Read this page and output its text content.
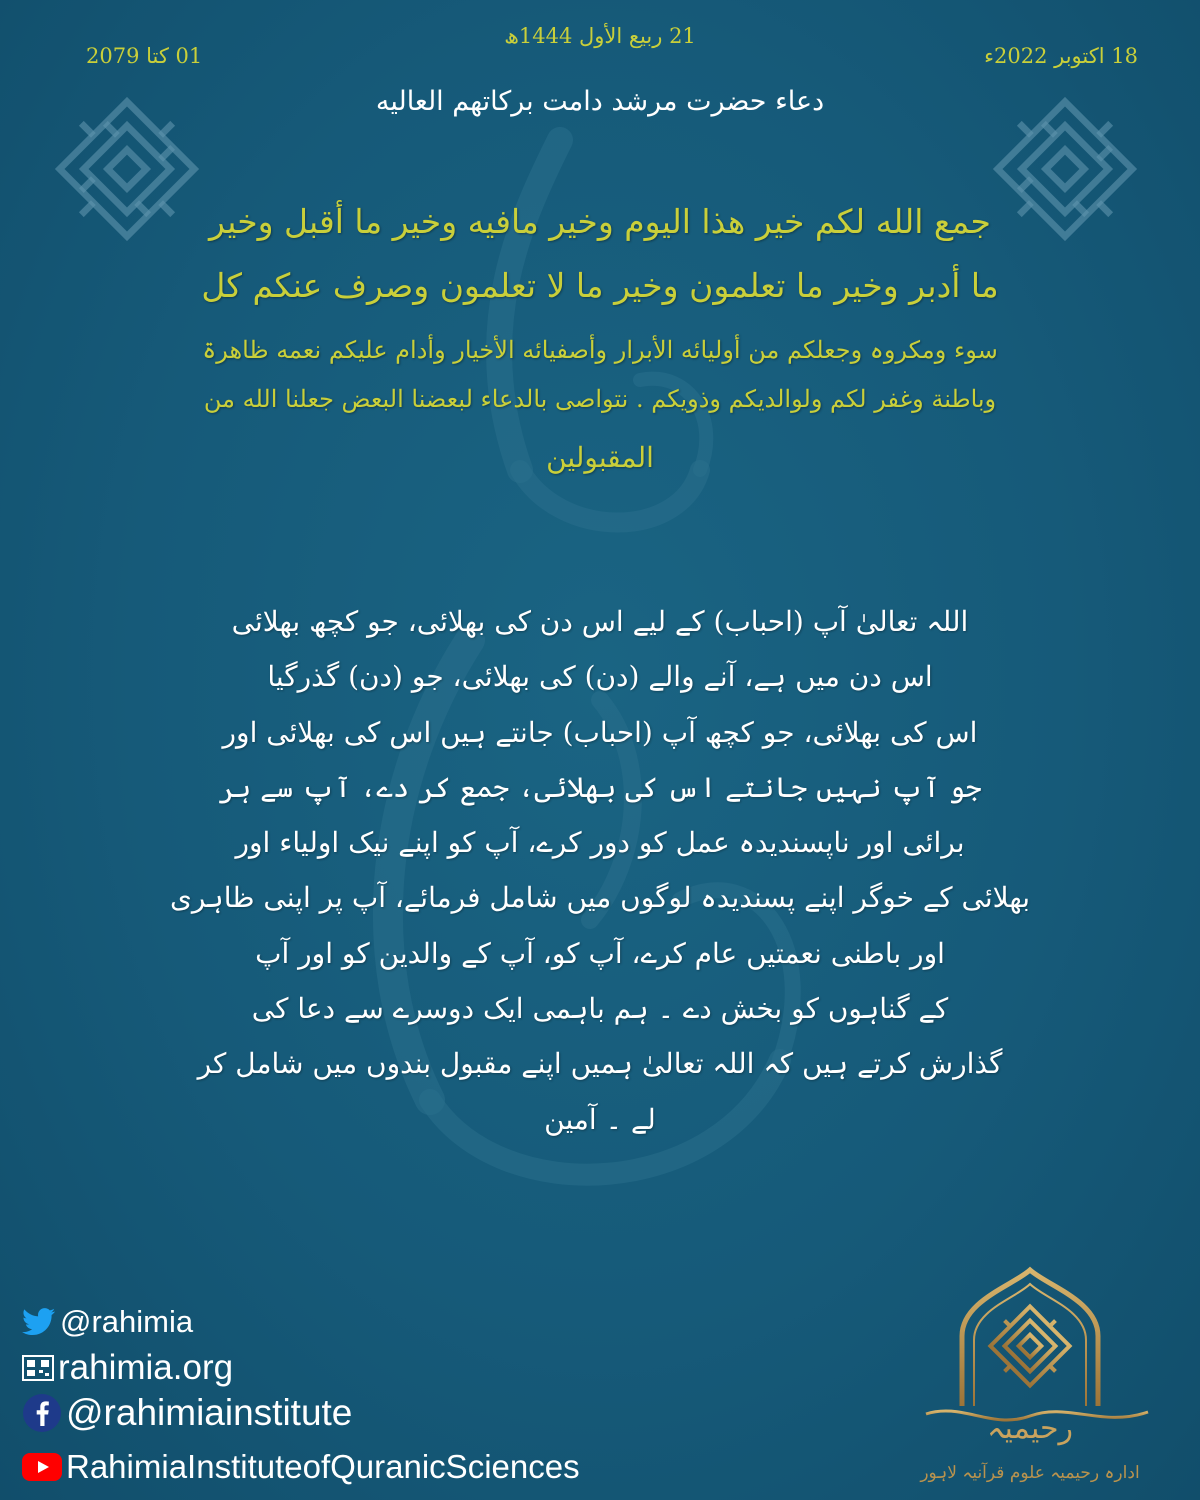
21 ربیع الأول 1444ھ
18 اکتوبر 2022ء
01 کتا 2079
دعاء حضرت مرشد دامت برکاتھم العالیه
جمع الله لکم خیر ھذا الیوم وخیر مافیه وخیر ما أقبل وخیر
ما أدبر وخیر ما تعلمون وخیر ما لا تعلمون وصرف عنکم کل
سوء ومکروہ وجعلکم من أولیائه الأبرار وأصفیائه الأخیار وأدام علیکم نعمه ظاھرۃ
وباطنة وغفر لکم ولوالدیکم وذویکم . نتواصی بالدعاء لبعضنا البعض جعلنا الله من
المقبولین
اللہ تعالیٰ آپ (احباب) کے لیے اس دن کی بھلائی، جو کچھ بھلائی
اس دن میں ہے، آنے والے (دن) کی بھلائی، جو (دن) گذرگیا
اس کی بھلائی، جو کچھ آپ (احباب) جانتے ہیں اس کی بھلائی اور
جو آپ نہیں جانتے اس کی بھلائی، جمع کر دے، آپ سے ہر
برائی اور ناپسندیدہ عمل کو دور کرے، آپ کو اپنے نیک اولیاء اور
بھلائی کے خوگر اپنے پسندیدہ لوگوں میں شامل فرمائے، آپ پر اپنی ظاہری
اور باطنی نعمتیں عام کرے، آپ کو، آپ کے والدین کو اور آپ
کے گناہوں کو بخش دے ۔ ہم باہمی ایک دوسرے سے دعا کی
گذارش کرتے ہیں کہ اللہ تعالیٰ ہمیں اپنے مقبول بندوں میں شامل کر
لے ۔ آمین
@rahimia
rahimia.org
@rahimiainstitute
RahimiaInstituteofQuranicSciences
رحیمیہ
ادارہ رحیمیہ علوم قرآنیہ لاہور
